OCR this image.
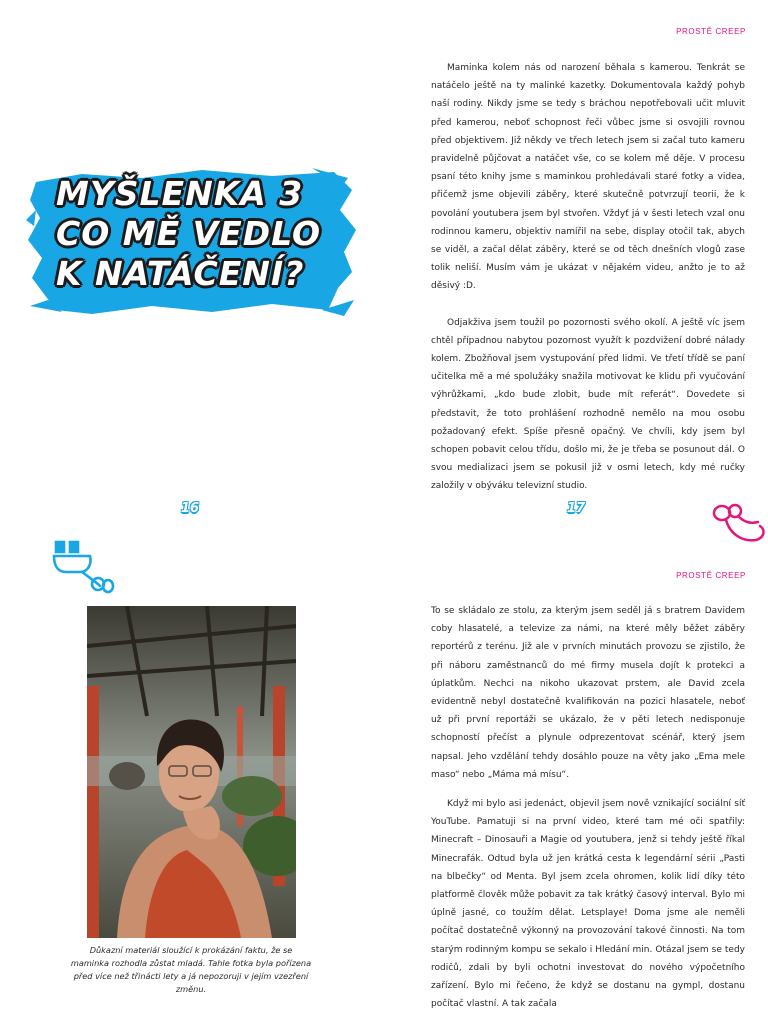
PROSTĚ CREEP

Maminka kolem nás od narození běhala s kamerou. Tenkrát se natáčelo ještě na ty malinké kazetky. Dokumentovala každý pohyb naší rodiny. Nikdy jsme se tedy s bráchou nepotřebovali učit mluvit před kamerou, neboť schopnost řeči vůbec jsme si osvojili rovnou před objektivem. Již někdy ve třech letech jsem si začal tuto kameru pravidelně půjčovat a natáčet vše, co se kolem mě děje. V procesu psaní této knihy jsme s maminkou prohledávali staré fotky a videa, přičemž jsme objevili záběry, které skutečně potvrzují teorii, že k povolání youtubera jsem byl stvořen. Vždyť já v šesti letech vzal onu rodinnou kameru, objektiv namířil na sebe, display otočil tak, abych se viděl, a začal dělat záběry, které se od těch dnešních vlogů zase tolik neliší. Musím vám je ukázat v nějakém videu, anžto je to až děsivý :D.

Odjakživa jsem toužil po pozornosti svého okolí. A ještě víc jsem chtěl případnou nabytou pozornost využít k pozdvižení dobré nálady kolem. Zbožňoval jsem vystupování před lidmi. Ve třetí třídě se paní učitelka mě a mé spolužáky snažila motivovat ke klidu při vyučování výhrůžkami, „kdo bude zlobit, bude mít referát“. Dovedete si představit, že toto prohlášení rozhodně nemělo na mou osobu požadovaný efekt. Spíše přesně opačný. Ve chvíli, kdy jsem byl schopen pobavit celou třídu, došlo mi, že je třeba se posunout dál. O svou medializaci jsem se pokusil již v osmi letech, kdy mé ručky založily v obýváku televizní studio.

MYŠLENKA 3
CO MĚ VEDLO
K NATÁČENÍ?
16	17
Důkazní materiál sloužící k prokázání faktu, že se maminka rozhodla zůstat mladá. Tahle fotka byla pořízena před více než třinácti lety a já nepozoruji v jejím vzezření změnu.
PROSTĚ CREEP

To se skládalo ze stolu, za kterým jsem seděl já s bratrem Davidem coby hlasatelé, a televize za námi, na které měly běžet záběry reportérů z terénu. Již ale v prvních minutách provozu se zjistilo, že při náboru zaměstnanců do mé firmy musela dojít k protekci a úplatkům. Nechci na nikoho ukazovat prstem, ale David zcela evidentně nebyl dostatečně kvalifikován na pozici hlasatele, neboť už při první reportáži se ukázalo, že v pěti letech nedisponuje schopností přečíst a plynule odprezentovat scénář, který jsem napsal. Jeho vzdělání tehdy dosáhlo pouze na věty jako „Ema mele maso“ nebo „Máma má mísu“.

Když mi bylo asi jedenáct, objevil jsem nově vznikající sociální síť YouTube. Pamatuji si na první video, které tam mé oči spatřily: Minecraft – Dinosauři a Magie od youtubera, jenž si tehdy ještě říkal Minecrafák. Odtud byla už jen krátká cesta k legendární sérii „Pasti na blbečky“ od Menta. Byl jsem zcela ohromen, kolik lidí díky této platformě člověk může pobavit za tak krátký časový interval. Bylo mi úplně jasné, co toužím dělat. Letsplaye! Doma jsme ale neměli počítač dostatečně výkonný na provozování takové činnosti. Na tom starým rodinným kompu se sekalo i Hledání min. Otázal jsem se tedy rodičů, zdali by byli ochotni investovat do nového výpočetního zařízení. Bylo mi řečeno, že když se dostanu na gympl, dostanu počítač vlastní. A tak začala
